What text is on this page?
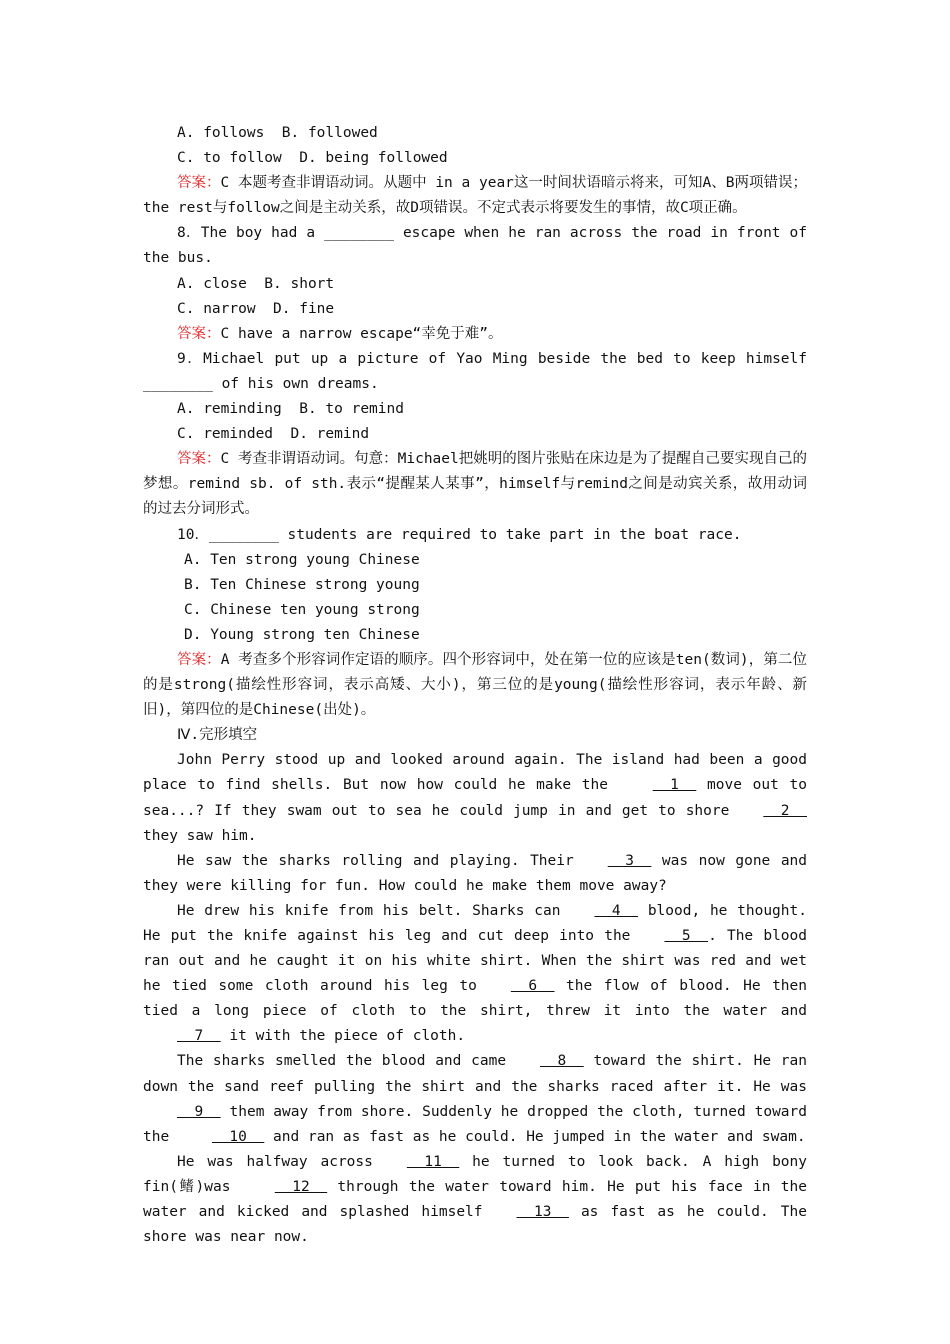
A. follows  B. followed

C. to follow  D. being followed

答案：C 本题考查非谓语动词。从题中 in a year这一时间状语暗示将来，可知A、B两项错误；the rest与follow之间是主动关系，故D项错误。不定式表示将要发生的事情，故C项正确。

8．The boy had a ________ escape when he ran across the road in front of the bus.

A. close  B. short

C. narrow  D. fine

答案：C have a narrow escape“幸免于难”。

9．Michael put up a picture of Yao Ming beside the bed to keep himself ________ of his own dreams.

A. reminding  B. to remind

C. reminded  D. remind

答案：C 考查非谓语动词。句意：Michael把姚明的图片张贴在床边是为了提醒自己要实现自己的梦想。remind sb. of sth.表示“提醒某人某事”，himself与remind之间是动宾关系，故用动词的过去分词形式。

10．________ students are required to take part in the boat race.

A. Ten strong young Chinese

B. Ten Chinese strong young

C. Chinese ten young strong

D. Young strong ten Chinese

答案：A 考查多个形容词作定语的顺序。四个形容词中，处在第一位的应该是ten(数词)，第二位的是strong(描绘性形容词，表示高矮、大小)，第三位的是young(描绘性形容词，表示年龄、新旧)，第四位的是Chinese(出处)。

Ⅳ.完形填空

John Perry stood up and looked around again. The island had been a good place to find shells. But now how could he make the   1   move out to sea...? If they swam out to sea he could jump in and get to shore  2   they saw him.

He saw the sharks rolling and playing. Their  3   was now gone and they were killing for fun. How could he make them move away?

He drew his knife from his belt. Sharks can  4   blood, he thought. He put the knife against his leg and cut deep into the  5  . The blood ran out and he caught it on his white shirt. When the shirt was red and wet he tied some cloth around his leg to  6   the flow of blood. He then tied a long piece of cloth to the shirt, threw it into the water and  7   it with the piece of cloth.

The sharks smelled the blood and came  8   toward the shirt. He ran down the sand reef pulling the shirt and the sharks raced after it. He was  9   them away from shore. Suddenly he dropped the cloth, turned toward the   10   and ran as fast as he could. He jumped in the water and swam.

He was halfway across  11   he turned to look back. A high bony fin(鳍)was   12   through the water toward him. He put his face in the water and kicked and splashed himself  13   as fast as he could. The shore was near now.
